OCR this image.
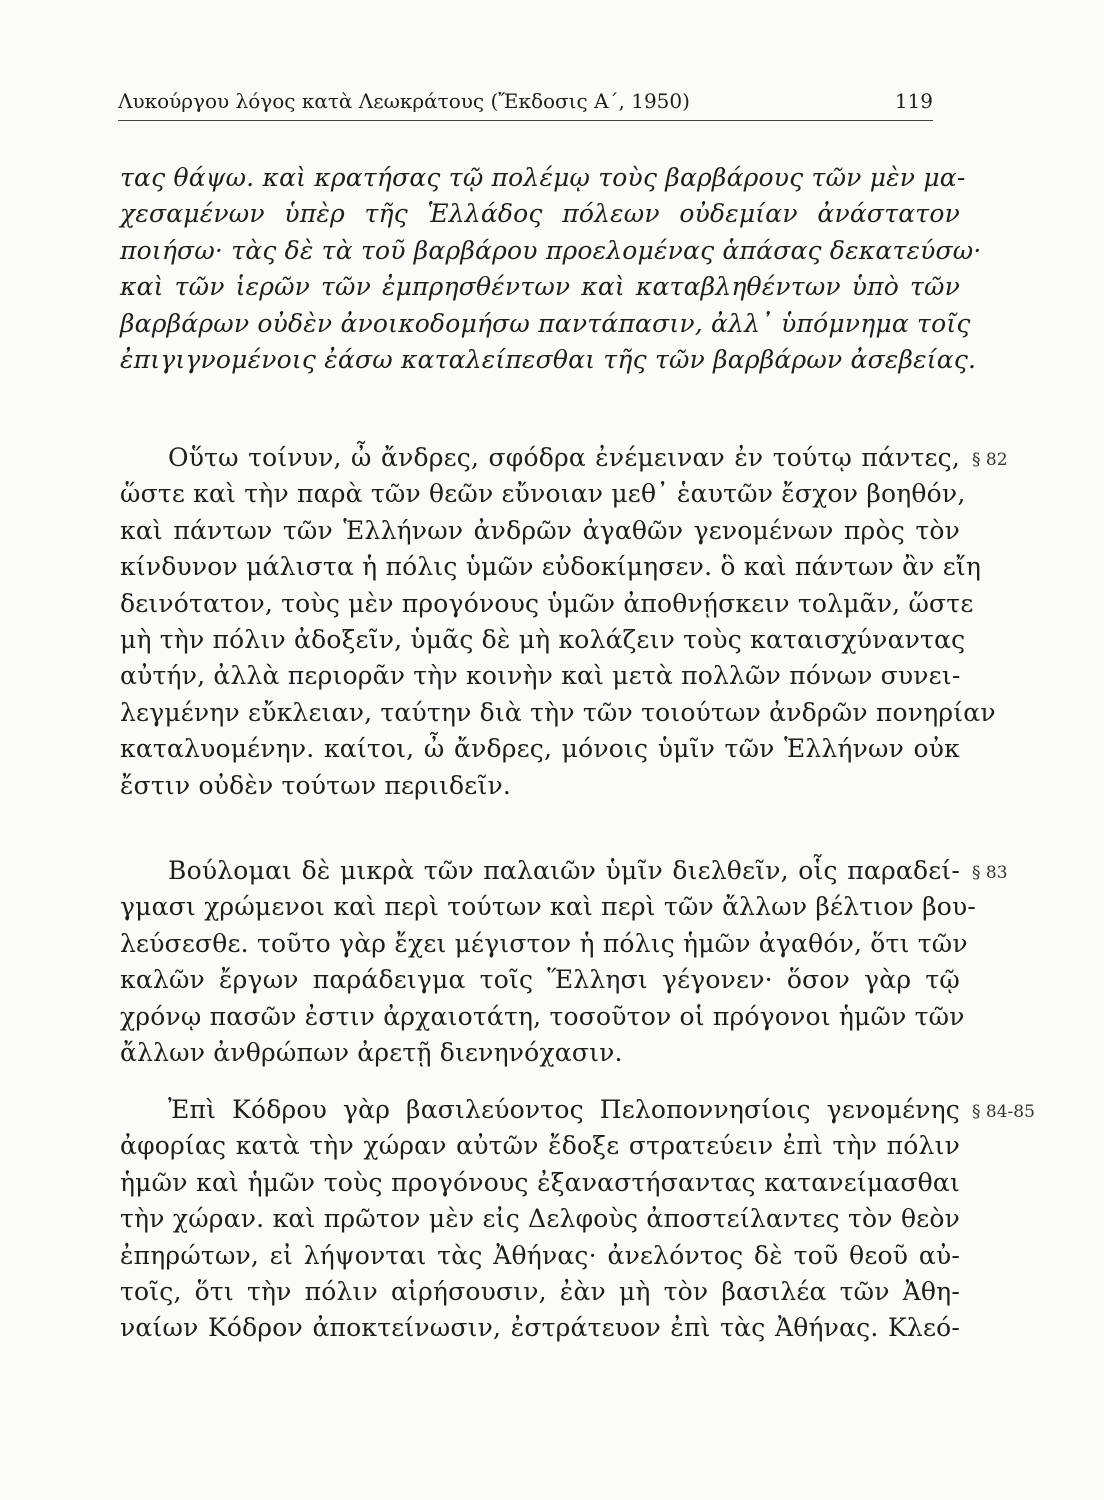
Λυκούργου λόγος κατὰ Λεωκράτους (Ἔκδοσις Α΄, 1950)	119
τας θάψω. καὶ κρατήσας τῷ πολέμῳ τοὺς βαρβάρους τῶν μὲν μα-
χεσαμένων ὑπὲρ τῆς Ἑλλάδος πόλεων οὐδεμίαν ἀνάστατον
ποιήσω· τὰς δὲ τὰ τοῦ βαρβάρου προελομένας ἁπάσας δεκατεύσω·
καὶ τῶν ἱερῶν τῶν ἐμπρησθέντων καὶ καταβληθέντων ὑπὸ τῶν
βαρβάρων οὐδὲν ἀνοικοδομήσω παντάπασιν, ἀλλ᾽ ὑπόμνημα τοῖς
ἐπιγιγνομένοις ἐάσω καταλείπεσθαι τῆς τῶν βαρβάρων ἀσεβείας.
Οὕτω τοίνυν, ὦ ἄνδρες, σφόδρα ἐνέμειναν ἐν τούτῳ πάντες,
ὥστε καὶ τὴν παρὰ τῶν θεῶν εὔνοιαν μεθ᾽ ἑαυτῶν ἔσχον βοηθόν,
καὶ πάντων τῶν Ἑλλήνων ἀνδρῶν ἀγαθῶν γενομένων πρὸς τὸν
κίνδυνον μάλιστα ἡ πόλις ὑμῶν εὐδοκίμησεν. ὃ καὶ πάντων ἂν εἴη
δεινότατον, τοὺς μὲν προγόνους ὑμῶν ἀποθνῄσκειν τολμᾶν, ὥστε
μὴ τὴν πόλιν ἀδοξεῖν, ὑμᾶς δὲ μὴ κολάζειν τοὺς καταισχύναντας
αὐτήν, ἀλλὰ περιορᾶν τὴν κοινὴν καὶ μετὰ πολλῶν πόνων συνει-
λεγμένην εὔκλειαν, ταύτην διὰ τὴν τῶν τοιούτων ἀνδρῶν πονηρίαν
καταλυομένην. καίτοι, ὦ ἄνδρες, μόνοις ὑμῖν τῶν Ἑλλήνων οὐκ
ἔστιν οὐδὲν τούτων περιιδεῖν.
§ 82
Βούλομαι δὲ μικρὰ τῶν παλαιῶν ὑμῖν διελθεῖν, οἷς παραδεί-
γμασι χρώμενοι καὶ περὶ τούτων καὶ περὶ τῶν ἄλλων βέλτιον βου-
λεύσεσθε. τοῦτο γὰρ ἔχει μέγιστον ἡ πόλις ἡμῶν ἀγαθόν, ὅτι τῶν
καλῶν ἔργων παράδειγμα τοῖς Ἕλλησι γέγονεν· ὅσον γὰρ τῷ
χρόνῳ πασῶν ἐστιν ἀρχαιοτάτη, τοσοῦτον οἱ πρόγονοι ἡμῶν τῶν
ἄλλων ἀνθρώπων ἀρετῇ διενηνόχασιν.
§ 83
Ἐπὶ Κόδρου γὰρ βασιλεύοντος Πελοποννησίοις γενομένης
ἀφορίας κατὰ τὴν χώραν αὐτῶν ἔδοξε στρατεύειν ἐπὶ τὴν πόλιν
ἡμῶν καὶ ἡμῶν τοὺς προγόνους ἐξαναστήσαντας κατανείμασθαι
τὴν χώραν. καὶ πρῶτον μὲν εἰς Δελφοὺς ἀποστείλαντες τὸν θεὸν
ἐπηρώτων, εἰ λήψονται τὰς Ἀθήνας· ἀνελόντος δὲ τοῦ θεοῦ αὐ-
τοῖς, ὅτι τὴν πόλιν αἱρήσουσιν, ἐὰν μὴ τὸν βασιλέα τῶν Ἀθη-
ναίων Κόδρον ἀποκτείνωσιν, ἐστράτευον ἐπὶ τὰς Ἀθήνας. Κλεό-
§ 84-85
